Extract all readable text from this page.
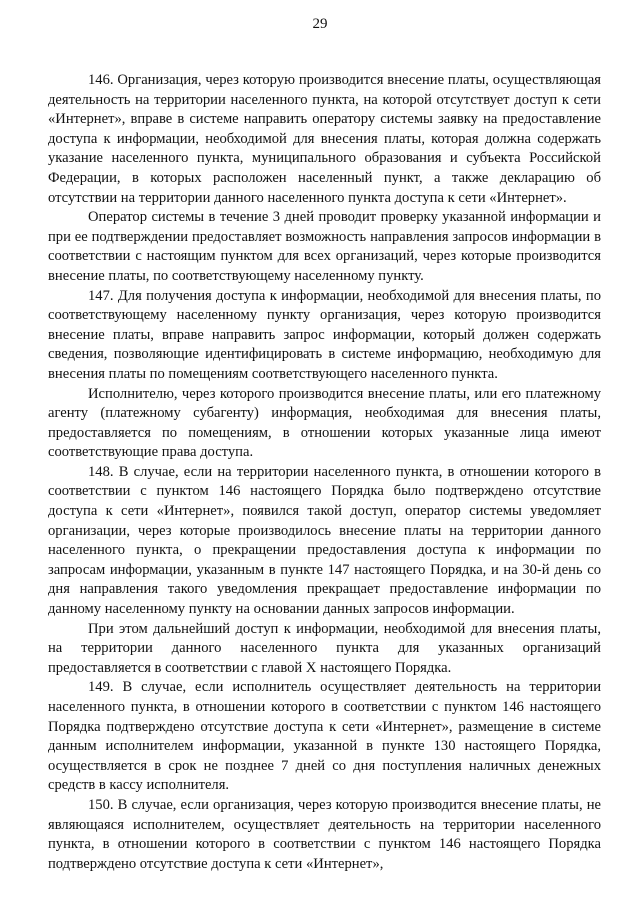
29

146. Организация, через которую производится внесение платы, осуществляющая деятельность на территории населенного пункта, на которой отсутствует доступ к сети «Интернет», вправе в системе направить оператору системы заявку на предоставление доступа к информации, необходимой для внесения платы, которая должна содержать указание населенного пункта, муниципального образования и субъекта Российской Федерации, в которых расположен населенный пункт, а также декларацию об отсутствии на территории данного населенного пункта доступа к сети «Интернет».

Оператор системы в течение 3 дней проводит проверку указанной информации и при ее подтверждении предоставляет возможность направления запросов информации в соответствии с настоящим пунктом для всех организаций, через которые производится внесение платы, по соответствующему населенному пункту.

147. Для получения доступа к информации, необходимой для внесения платы, по соответствующему населенному пункту организация, через которую производится внесение платы, вправе направить запрос информации, который должен содержать сведения, позволяющие идентифицировать в системе информацию, необходимую для внесения платы по помещениям соответствующего населенного пункта.

Исполнителю, через которого производится внесение платы, или его платежному агенту (платежному субагенту) информация, необходимая для внесения платы, предоставляется по помещениям, в отношении которых указанные лица имеют соответствующие права доступа.

148. В случае, если на территории населенного пункта, в отношении которого в соответствии с пунктом 146 настоящего Порядка было подтверждено отсутствие доступа к сети «Интернет», появился такой доступ, оператор системы уведомляет организации, через которые производилось внесение платы на территории данного населенного пункта, о прекращении предоставления доступа к информации по запросам информации, указанным в пункте 147 настоящего Порядка, и на 30-й день со дня направления такого уведомления прекращает предоставление информации по данному населенному пункту на основании данных запросов информации.

При этом дальнейший доступ к информации, необходимой для внесения платы, на территории данного населенного пункта для указанных организаций предоставляется в соответствии с главой X настоящего Порядка.

149. В случае, если исполнитель осуществляет деятельность на территории населенного пункта, в отношении которого в соответствии с пунктом 146 настоящего Порядка подтверждено отсутствие доступа к сети «Интернет», размещение в системе данным исполнителем информации, указанной в пункте 130 настоящего Порядка, осуществляется в срок не позднее 7 дней со дня поступления наличных денежных средств в кассу исполнителя.

150. В случае, если организация, через которую производится внесение платы, не являющаяся исполнителем, осуществляет деятельность на территории населенного пункта, в отношении которого в соответствии с пунктом 146 настоящего Порядка подтверждено отсутствие доступа к сети «Интернет»,
